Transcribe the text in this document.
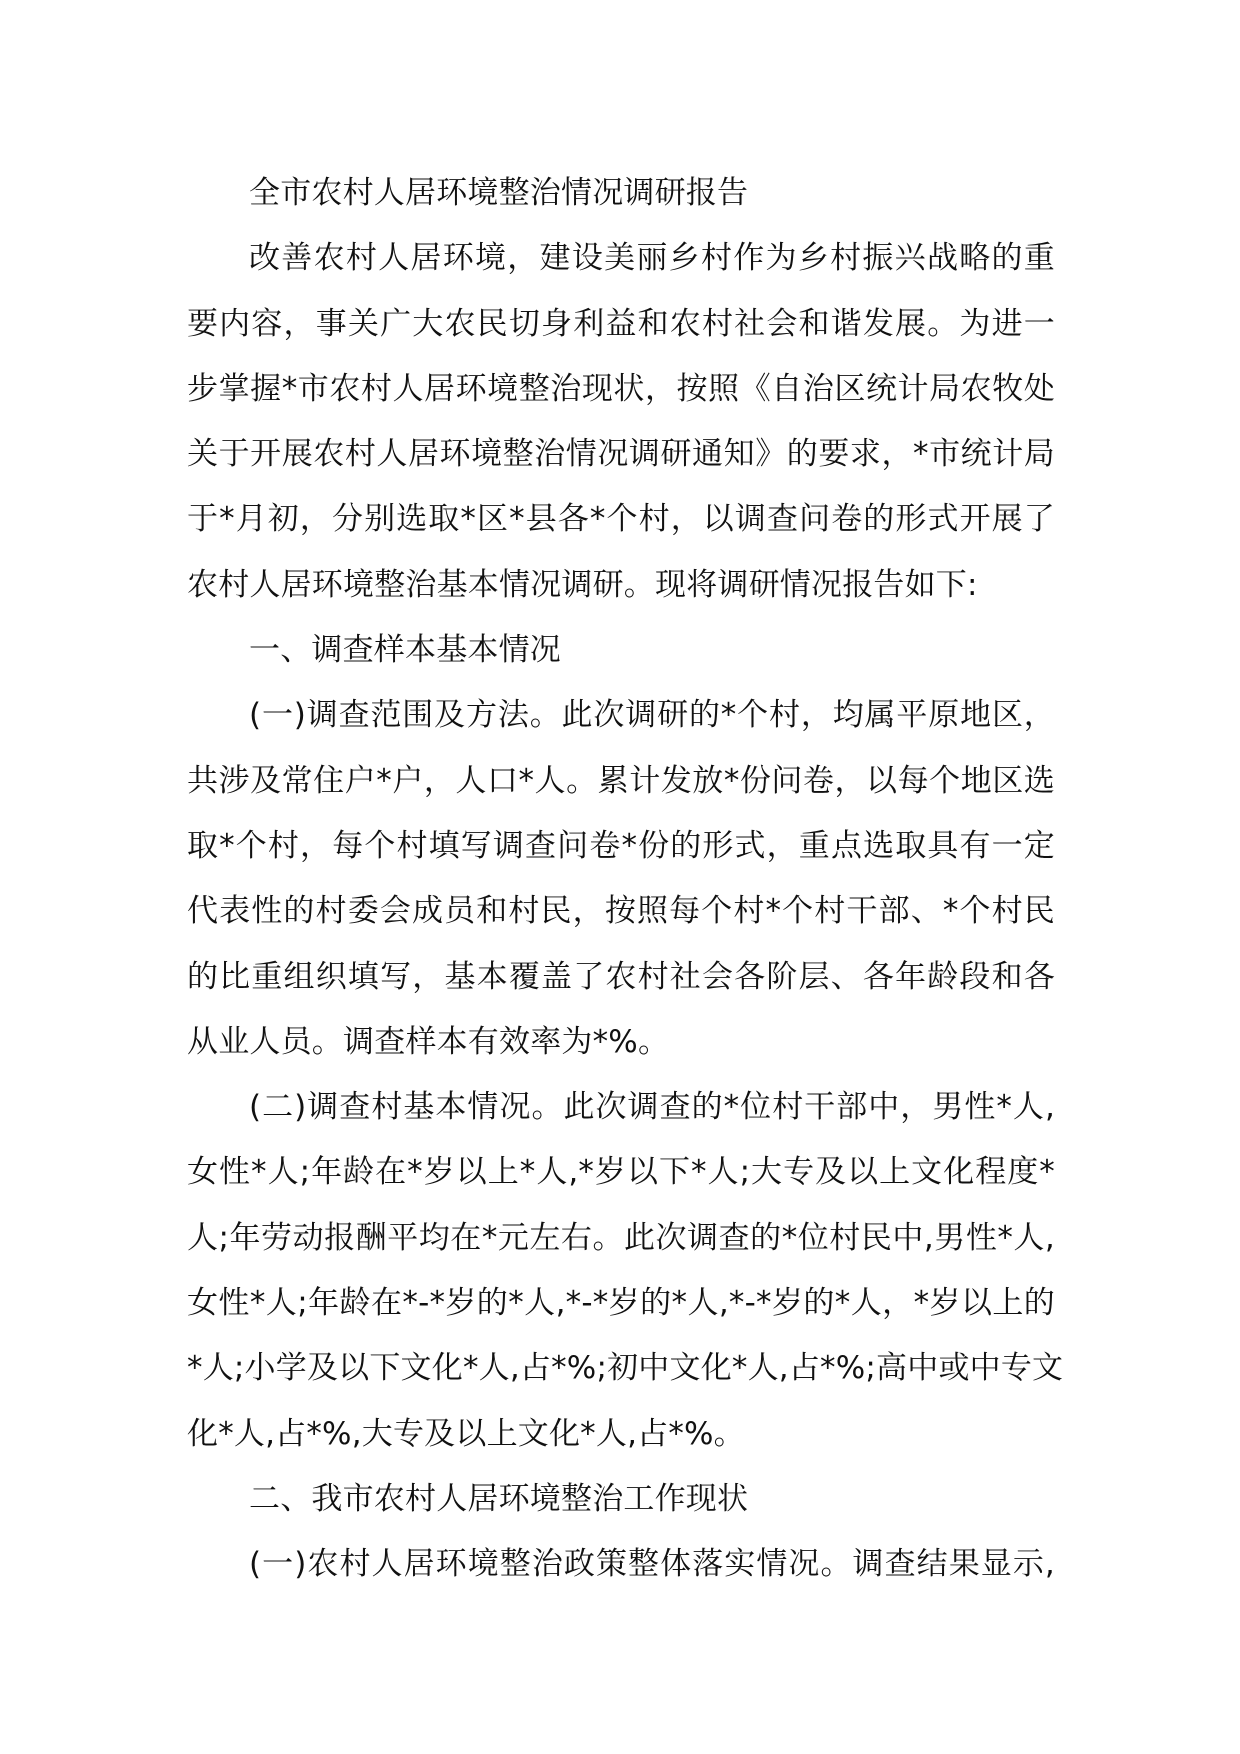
全市农村人居环境整治情况调研报告
改善农村人居环境，建设美丽乡村作为乡村振兴战略的重
要内容，事关广大农民切身利益和农村社会和谐发展。为进一
步掌握*市农村人居环境整治现状，按照《自治区统计局农牧处
关于开展农村人居环境整治情况调研通知》的要求，*市统计局
于*月初，分别选取*区*县各*个村，以调查问卷的形式开展了
农村人居环境整治基本情况调研。现将调研情况报告如下:
一、调查样本基本情况
(一)调查范围及方法。此次调研的*个村，均属平原地区，
共涉及常住户*户，人口*人。累计发放*份问卷，以每个地区选
取*个村，每个村填写调查问卷*份的形式，重点选取具有一定
代表性的村委会成员和村民，按照每个村*个村干部、*个村民
的比重组织填写，基本覆盖了农村社会各阶层、各年龄段和各
从业人员。调查样本有效率为*%。
(二)调查村基本情况。此次调查的*位村干部中，男性*人,
女性*人;年龄在*岁以上*人,*岁以下*人;大专及以上文化程度*
人;年劳动报酬平均在*元左右。此次调查的*位村民中,男性*人,
女性*人;年龄在*-*岁的*人,*-*岁的*人,*-*岁的*人，*岁以上的
*人;小学及以下文化*人,占*%;初中文化*人,占*%;高中或中专文
化*人,占*%,大专及以上文化*人,占*%。
二、我市农村人居环境整治工作现状
(一)农村人居环境整治政策整体落实情况。调查结果显示,
